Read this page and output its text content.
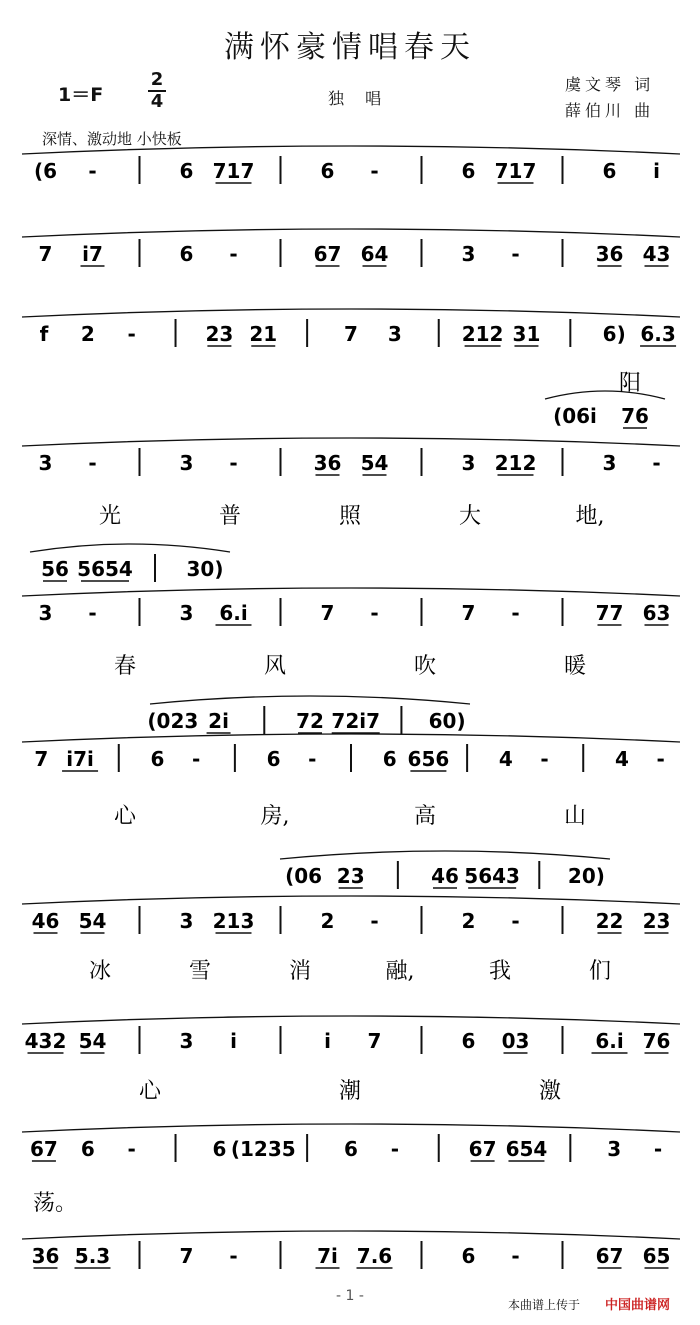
满怀豪情唱春天
1＝F
2
4	独 唱
虞文琴 词
薛伯川 曲
深情、激动地 小快板
(6 -	6 717	6 -	6 717	6 i
7 i7	6 -	67 64	3 -	36 43
f 2 -	23 21	7 3	212 31	6) 6.3
3 -	3 -	36 54	3 212	3 -
3 -	3 6.i	7 -	7 -	77 63
7 i7i	6 -	6 -	6 656 4 -	4 -
46 54	3 213	2 -	2 -	22 23
432 54	3 i	i 7	6 03	6.i 76
67 6 -	6 (1235 6 -	67 654	3 -
36 5.3	7 -	7i 7.6	6 -	67 65
(06i 76
56 5654	30)
(023 2i	72 72i7 60)
(06 23	46 5643 20)
阳
光	普	照	大	地,
春	风	吹	暖
心	房,	高	山
冰	雪	消	融,	我	们
心	潮	激
荡。
- 1 -
本曲谱上传于 中国曲谱网
